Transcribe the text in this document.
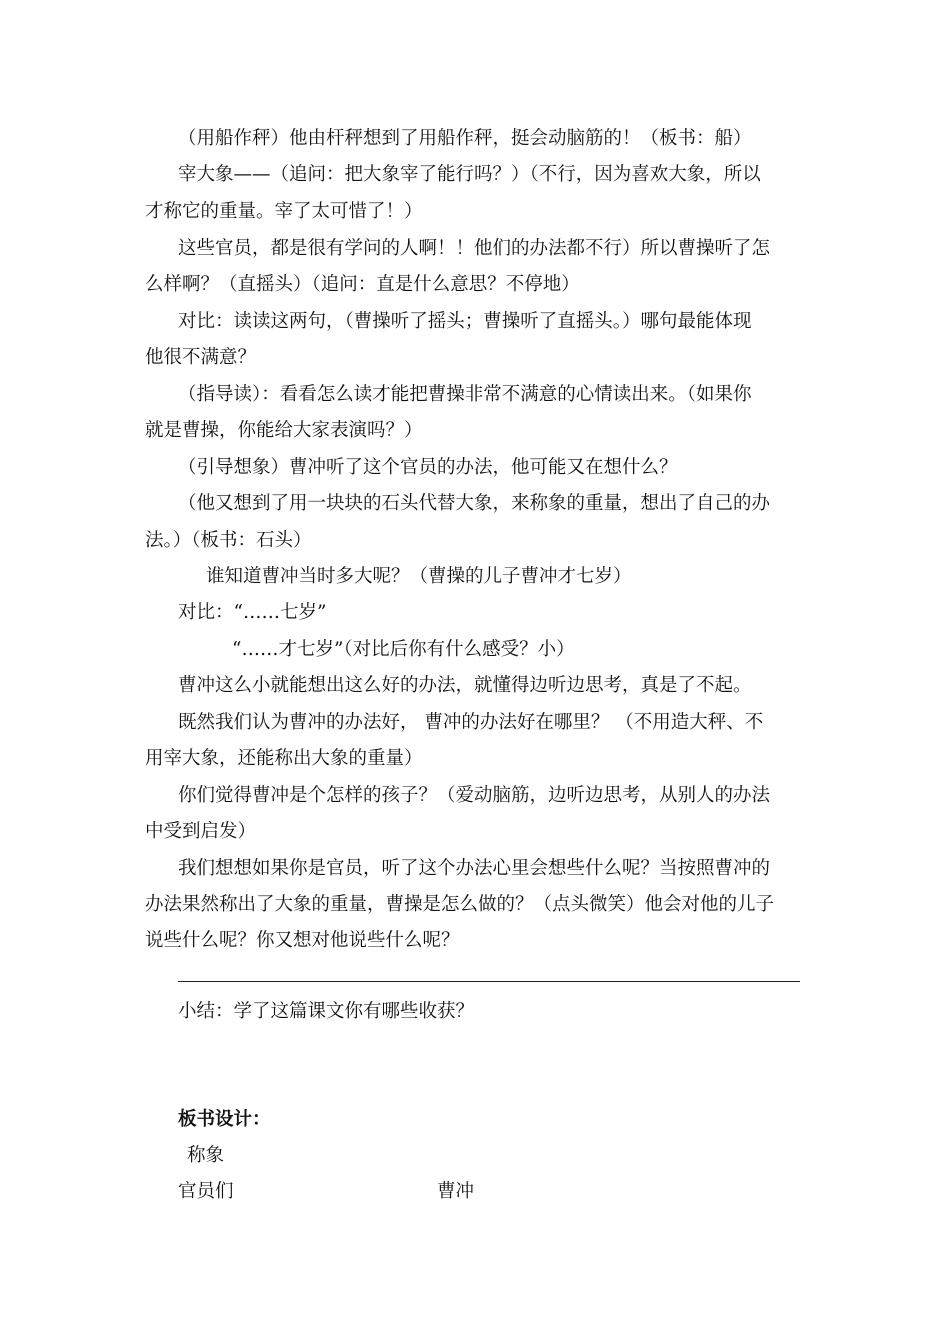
（用船作秤）他由杆秤想到了用船作秤，挺会动脑筋的！（板书：船）
宰大象——（追问：把大象宰了能行吗？）（不行，因为喜欢大象，所以
才称它的重量。宰了太可惜了！）
这些官员，都是很有学问的人啊！！他们的办法都不行）所以曹操听了怎
么样啊？（直摇头）（追问：直是什么意思？不停地）
对比：读读这两句，（曹操听了摇头；曹操听了直摇头。）哪句最能体现
他很不满意？
（指导读）：看看怎么读才能把曹操非常不满意的心情读出来。（如果你
就是曹操，你能给大家表演吗？）
（引导想象）曹冲听了这个官员的办法，他可能又在想什么？
（他又想到了用一块块的石头代替大象，来称象的重量，想出了自己的办
法。）（板书：石头）
谁知道曹冲当时多大呢？（曹操的儿子曹冲才七岁）
对比：“……七岁”
“……才七岁”（对比后你有什么感受？小）
曹冲这么小就能想出这么好的办法，就懂得边听边思考，真是了不起。
既然我们认为曹冲的办法好， 曹冲的办法好在哪里？ （不用造大秤、不
用宰大象，还能称出大象的重量）
你们觉得曹冲是个怎样的孩子？（爱动脑筋，边听边思考，从别人的办法
中受到启发）
我们想想如果你是官员，听了这个办法心里会想些什么呢？当按照曹冲的
办法果然称出了大象的重量，曹操是怎么做的？（点头微笑）他会对他的儿子
说些什么呢？你又想对他说些什么呢？
小结：学了这篇课文你有哪些收获？
板书设计：
称象
官员们	曹冲
